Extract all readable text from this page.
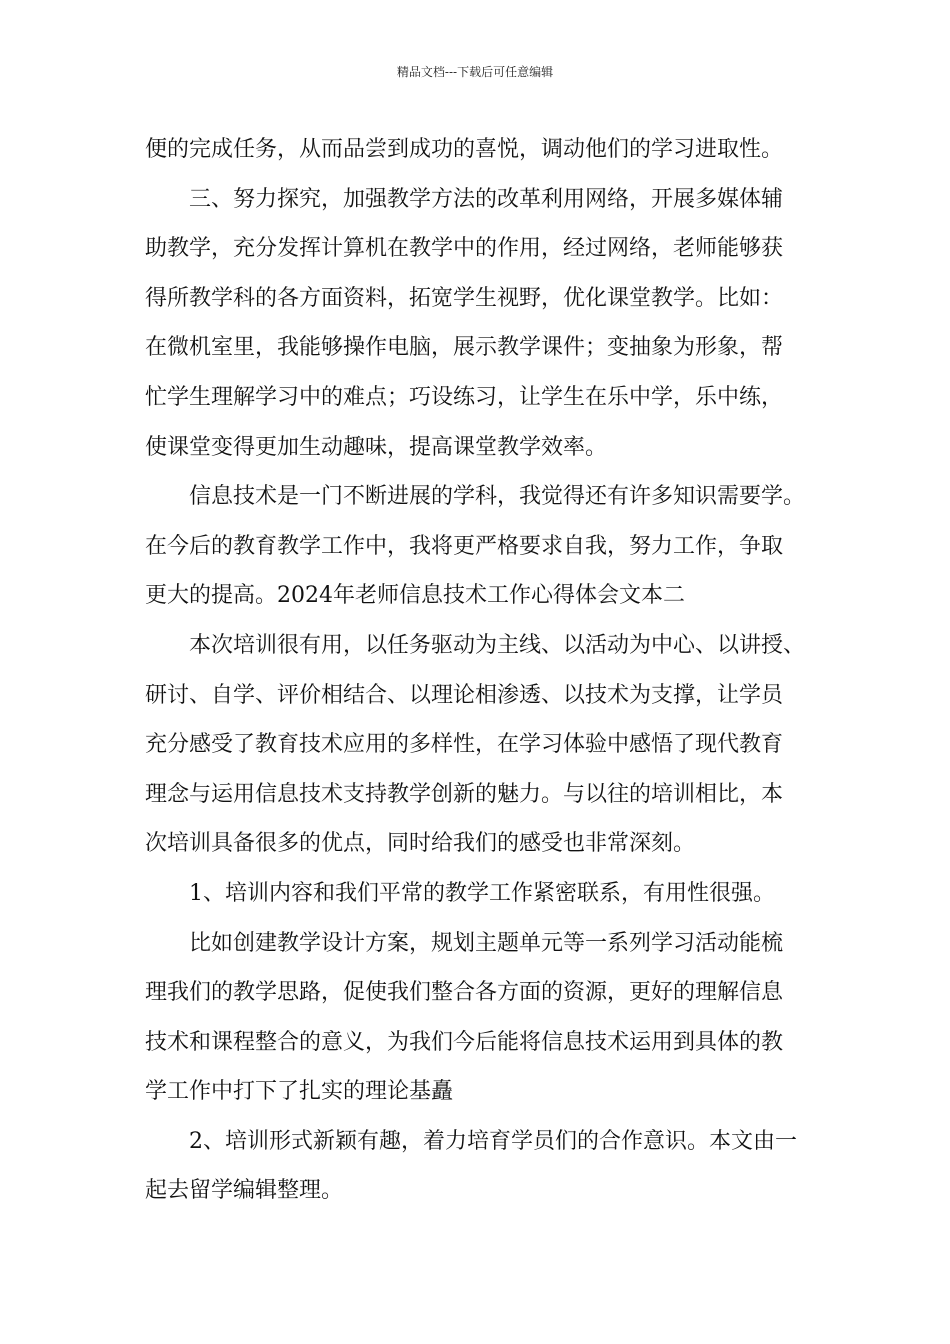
精品文档---下载后可任意编辑
便的完成任务，从而品尝到成功的喜悦，调动他们的学习进取性。
三、努力探究，加强教学方法的改革利用网络，开展多媒体辅
助教学，充分发挥计算机在教学中的作用，经过网络，老师能够获
得所教学科的各方面资料，拓宽学生视野，优化课堂教学。比如：
在微机室里，我能够操作电脑，展示教学课件；变抽象为形象，帮
忙学生理解学习中的难点；巧设练习，让学生在乐中学，乐中练，
使课堂变得更加生动趣味，提高课堂教学效率。
信息技术是一门不断进展的学科，我觉得还有许多知识需要学。
在今后的教育教学工作中，我将更严格要求自我，努力工作，争取
更大的提高。2024年老师信息技术工作心得体会文本二
本次培训很有用，以任务驱动为主线、以活动为中心、以讲授、
研讨、自学、评价相结合、以理论相渗透、以技术为支撑，让学员
充分感受了教育技术应用的多样性，在学习体验中感悟了现代教育
理念与运用信息技术支持教学创新的魅力。与以往的培训相比，本
次培训具备很多的优点，同时给我们的感受也非常深刻。
1、培训内容和我们平常的教学工作紧密联系，有用性很强。
比如创建教学设计方案，规划主题单元等一系列学习活动能梳
理我们的教学思路，促使我们整合各方面的资源，更好的理解信息
技术和课程整合的意义，为我们今后能将信息技术运用到具体的教
学工作中打下了扎实的理论基矗
2、培训形式新颖有趣，着力培育学员们的合作意识。本文由一
起去留学编辑整理。
